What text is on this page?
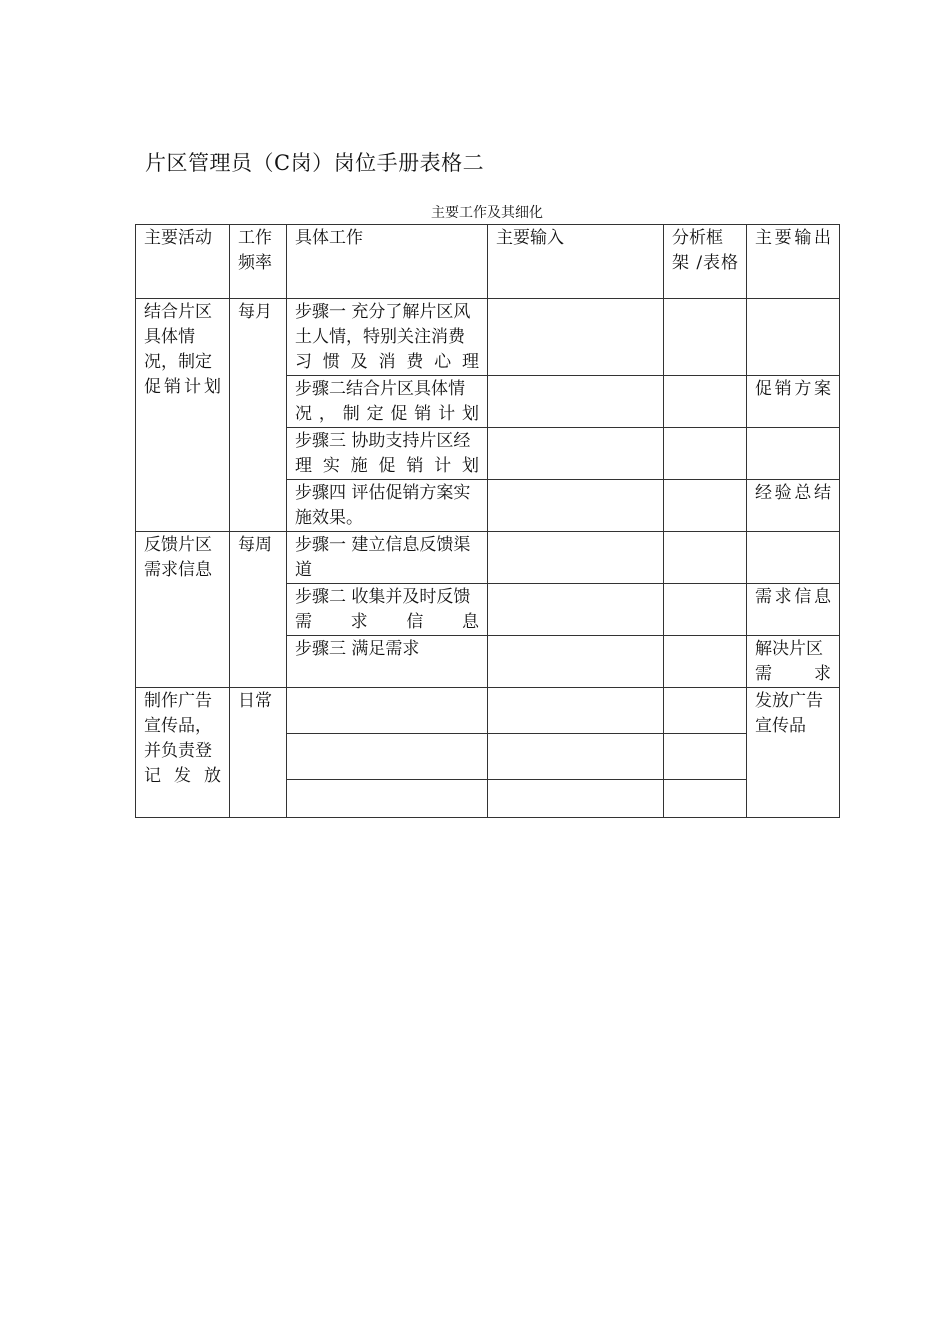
片区管理员（C岗）岗位手册表格二
主要工作及其细化
主要活动	工作频率	具体工作	主要输入	分析框架 /表格	主要输出
结合片区具体情况，制定促销计划	每月	步骤一 充分了解片区风土人情，特别关注消费习惯及消费心理			
		步骤二结合片区具体情况，制定促销计划			促销方案
		步骤三 协助支持片区经理实施促销计划			
		步骤四 评估促销方案实施效果。			经验总结
反馈片区需求信息	每周	步骤一 建立信息反馈渠道			
		步骤二 收集并及时反馈需求信息			需求信息
		步骤三 满足需求			解决片区需求
制作广告宣传品，并负责登记发放	日常				发放广告宣传品
